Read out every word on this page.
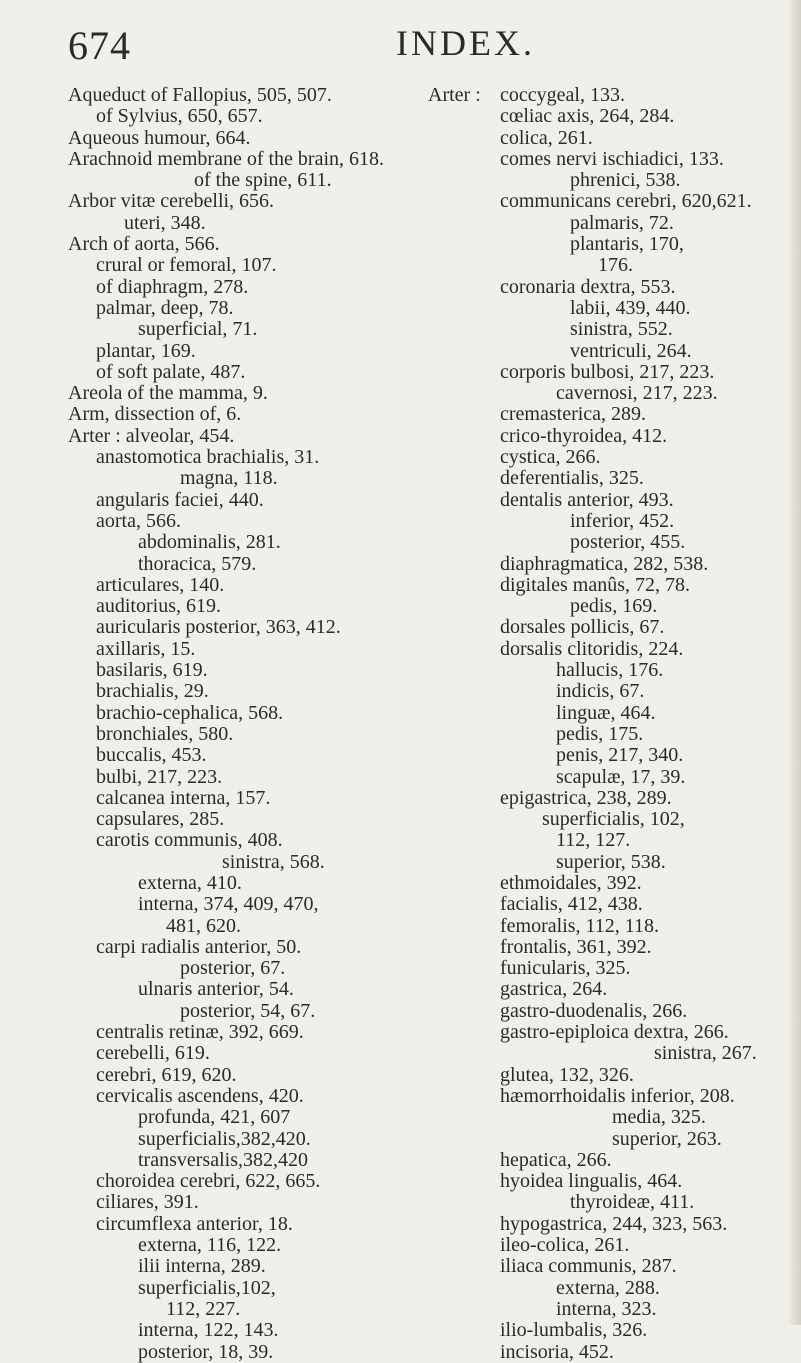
674	INDEX.
Aqueduct of Fallopius, 505, 507.
of Sylvius, 650, 657.
Aqueous humour, 664.
Arachnoid membrane of the brain, 618.
of the spine, 611.
Arbor vitæ cerebelli, 656.
uteri, 348.
Arch of aorta, 566.
crural or femoral, 107.
of diaphragm, 278.
palmar, deep, 78.
superficial, 71.
plantar, 169.
of soft palate, 487.
Areola of the mamma, 9.
Arm, dissection of, 6.
Arter : alveolar, 454.
anastomotica brachialis, 31.
magna, 118.
angularis faciei, 440.
aorta, 566.
abdominalis, 281.
thoracica, 579.
articulares, 140.
auditorius, 619.
auricularis posterior, 363, 412.
axillaris, 15.
basilaris, 619.
brachialis, 29.
brachio-cephalica, 568.
bronchiales, 580.
buccalis, 453.
bulbi, 217, 223.
calcanea interna, 157.
capsulares, 285.
carotis communis, 408.
sinistra, 568.
externa, 410.
interna, 374, 409, 470,
481, 620.
carpi radialis anterior, 50.
posterior, 67.
ulnaris anterior, 54.
posterior, 54, 67.
centralis retinæ, 392, 669.
cerebelli, 619.
cerebri, 619, 620.
cervicalis ascendens, 420.
profunda, 421, 607
superficialis,382,420.
transversalis,382,420
choroidea cerebri, 622, 665.
ciliares, 391.
circumflexa anterior, 18.
externa, 116, 122.
ilii interna, 289.
superficialis,102,
112, 227.
interna, 122, 143.
posterior, 18, 39.
Arter : coccygeal, 133.
cœliac axis, 264, 284.
colica, 261.
comes nervi ischiadici, 133.
phrenici, 538.
communicans cerebri, 620,621.
palmaris, 72.
plantaris, 170,
176.
coronaria dextra, 553.
labii, 439, 440.
sinistra, 552.
ventriculi, 264.
corporis bulbosi, 217, 223.
cavernosi, 217, 223.
cremasterica, 289.
crico-thyroidea, 412.
cystica, 266.
deferentialis, 325.
dentalis anterior, 493.
inferior, 452.
posterior, 455.
diaphragmatica, 282, 538.
digitales manûs, 72, 78.
pedis, 169.
dorsales pollicis, 67.
dorsalis clitoridis, 224.
hallucis, 176.
indicis, 67.
linguæ, 464.
pedis, 175.
penis, 217, 340.
scapulæ, 17, 39.
epigastrica, 238, 289.
superficialis, 102,
112, 127.
superior, 538.
ethmoidales, 392.
facialis, 412, 438.
femoralis, 112, 118.
frontalis, 361, 392.
funicularis, 325.
gastrica, 264.
gastro-duodenalis, 266.
gastro-epiploica dextra, 266.
sinistra, 267.
glutea, 132, 326.
hæmorrhoidalis inferior, 208.
media, 325.
superior, 263.
hepatica, 266.
hyoidea lingualis, 464.
thyroideæ, 411.
hypogastrica, 244, 323, 563.
ileo-colica, 261.
iliaca communis, 287.
externa, 288.
interna, 323.
ilio-lumbalis, 326.
incisoria, 452.
